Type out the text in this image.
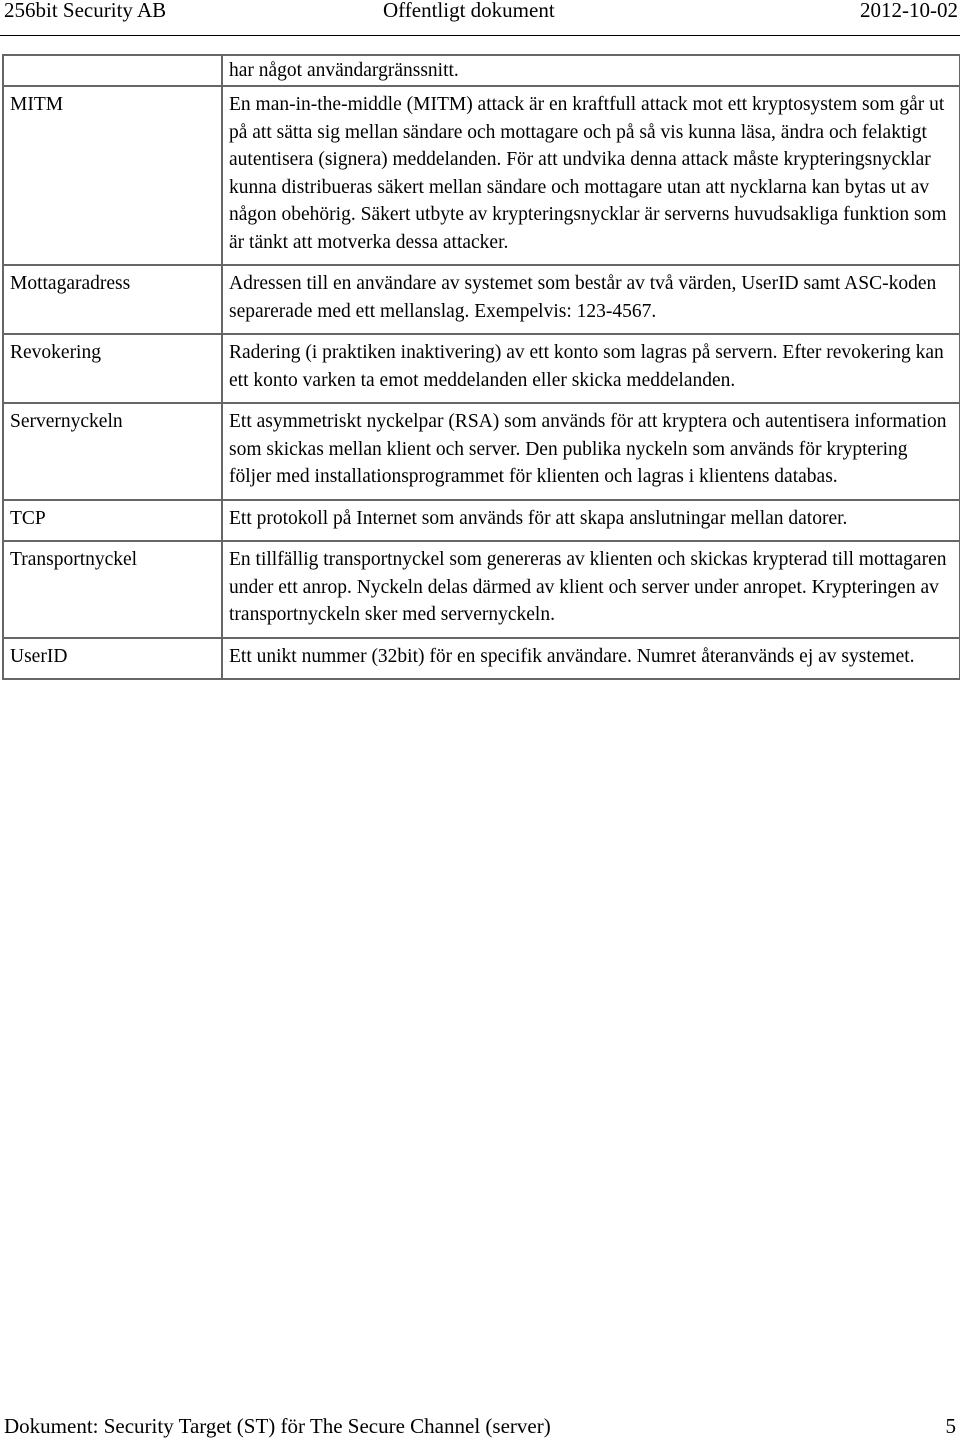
256bit Security AB	Offentligt dokument	2012-10-02
	har något användargränssnitt.
MITM	En man-in-the-middle (MITM) attack är en kraftfull attack mot ett kryptosystem som går ut på att sätta sig mellan sändare och mottagare och på så vis kunna läsa, ändra och felaktigt autentisera (signera) meddelanden. För att undvika denna attack måste krypteringsnycklar kunna distribueras säkert mellan sändare och mottagare utan att nycklarna kan bytas ut av någon obehörig. Säkert utbyte av krypteringsnycklar är serverns huvudsakliga funktion som är tänkt att motverka dessa attacker.
Mottagaradress	Adressen till en användare av systemet som består av två värden, UserID samt ASC-koden separerade med ett mellanslag. Exempelvis: 123-4567.
Revokering	Radering (i praktiken inaktivering) av ett konto som lagras på servern. Efter revokering kan ett konto varken ta emot meddelanden eller skicka meddelanden.
Servernyckeln	Ett asymmetriskt nyckelpar (RSA) som används för att kryptera och autentisera information som skickas mellan klient och server. Den publika nyckeln som används för kryptering följer med installationsprogrammet för klienten och lagras i klientens databas.
TCP	Ett protokoll på Internet som används för att skapa anslutningar mellan datorer.
Transportnyckel	En tillfällig transportnyckel som genereras av klienten och skickas krypterad till mottagaren under ett anrop. Nyckeln delas därmed av klient och server under anropet. Krypteringen av transportnyckeln sker med servernyckeln.
UserID	Ett unikt nummer (32bit) för en specifik användare. Numret återanvänds ej av systemet.
Dokument: Security Target (ST) för The Secure Channel (server)	5
